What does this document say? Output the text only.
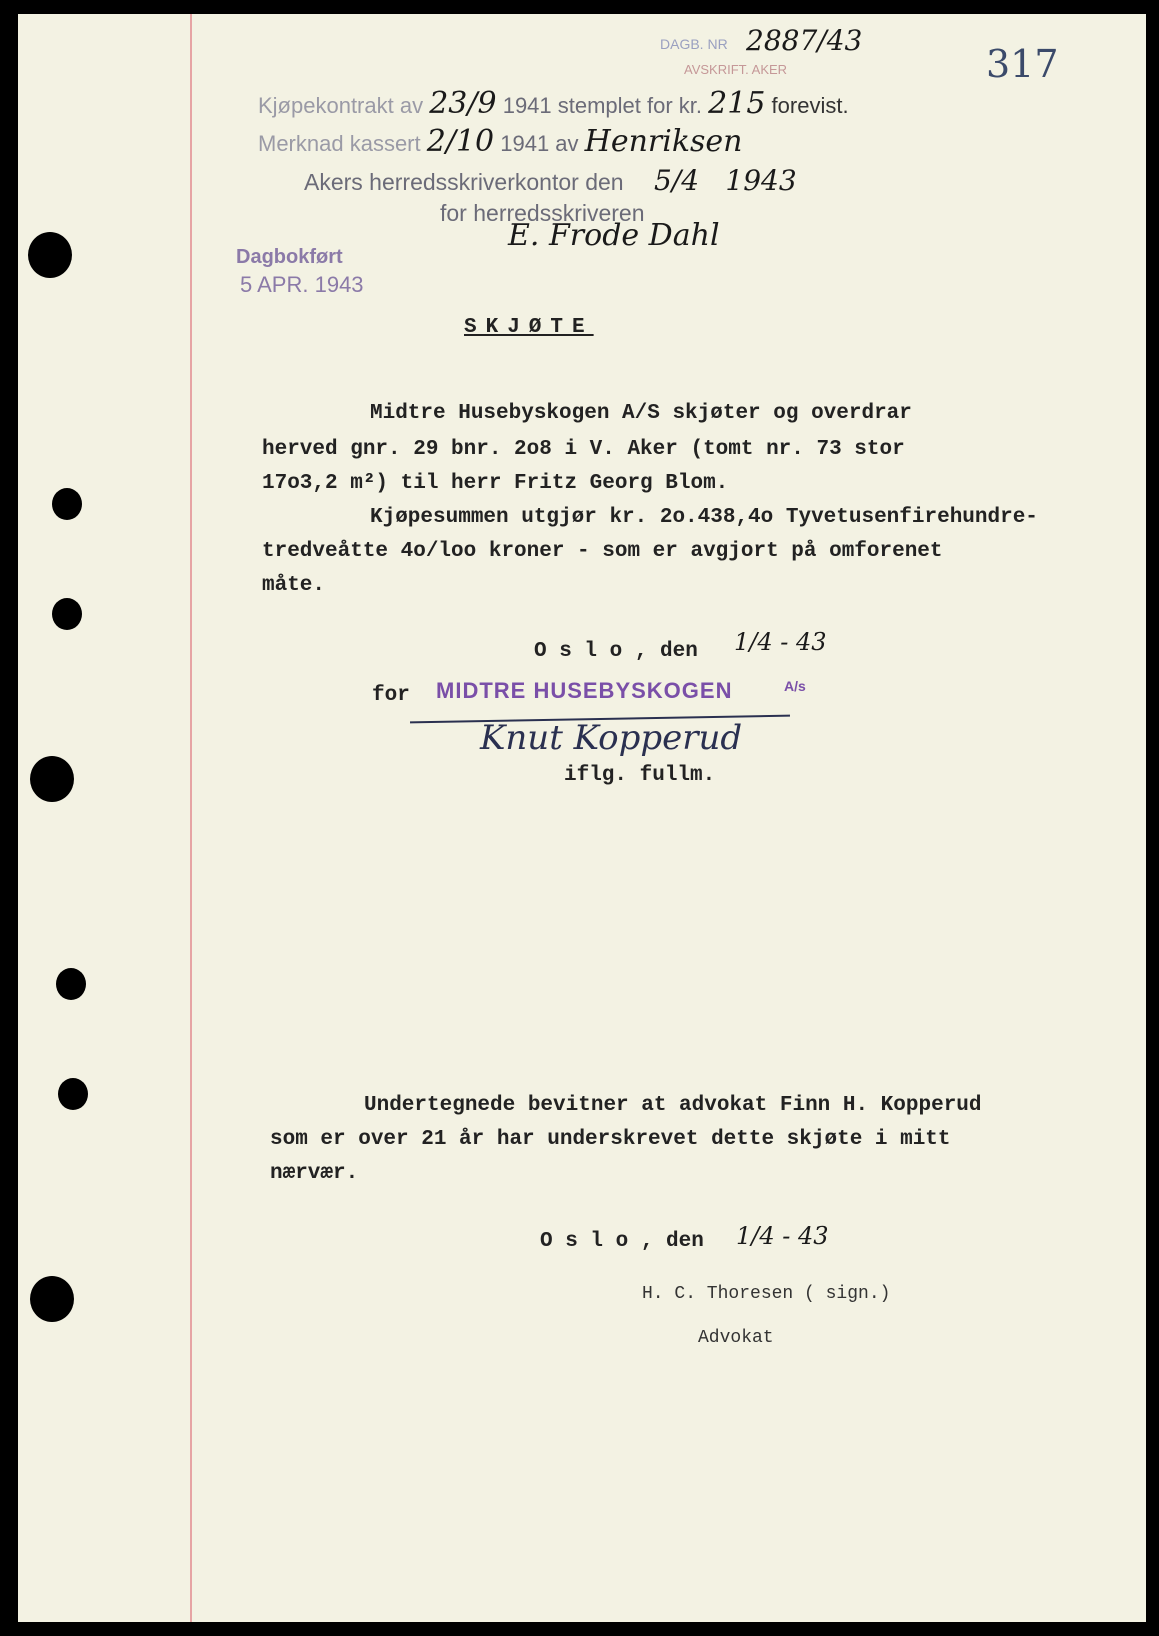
317
DAGB. NR 2887/43
AVSKRIFT. AKER
Kjøpekontrakt av 23/9 1941 stemplet for kr. 215 forevist.
Merknad kassert 2/10 1941 av Henriksen
Akers herredsskriverkontor den 5/4 1943
for herredsskriveren
E. Frode Dahl
Dagbokført
5 APR. 1943
SKJØTE
Midtre Husebyskogen A/S skjøter og overdrar
herved gnr. 29 bnr. 2o8 i V. Aker (tomt nr. 73 stor
17o3,2 m²) til herr Fritz Georg Blom.
Kjøpesummen utgjør kr. 2o.438,4o Tyvetusenfirehundre-
tredveåtte 4o/loo kroner - som er avgjort på omforenet
måte.
O s l o , den 1/4 - 43
for MIDTRE HUSEBYSKOGEN	A/s
Knut Kopperud
iflg. fullm.
Undertegnede bevitner at advokat Finn H. Kopperud
som er over 21 år har underskrevet dette skjøte i mitt
nærvær.
O s l o , den 1/4 - 43
H. C. Thoresen ( sign.)
Advokat
